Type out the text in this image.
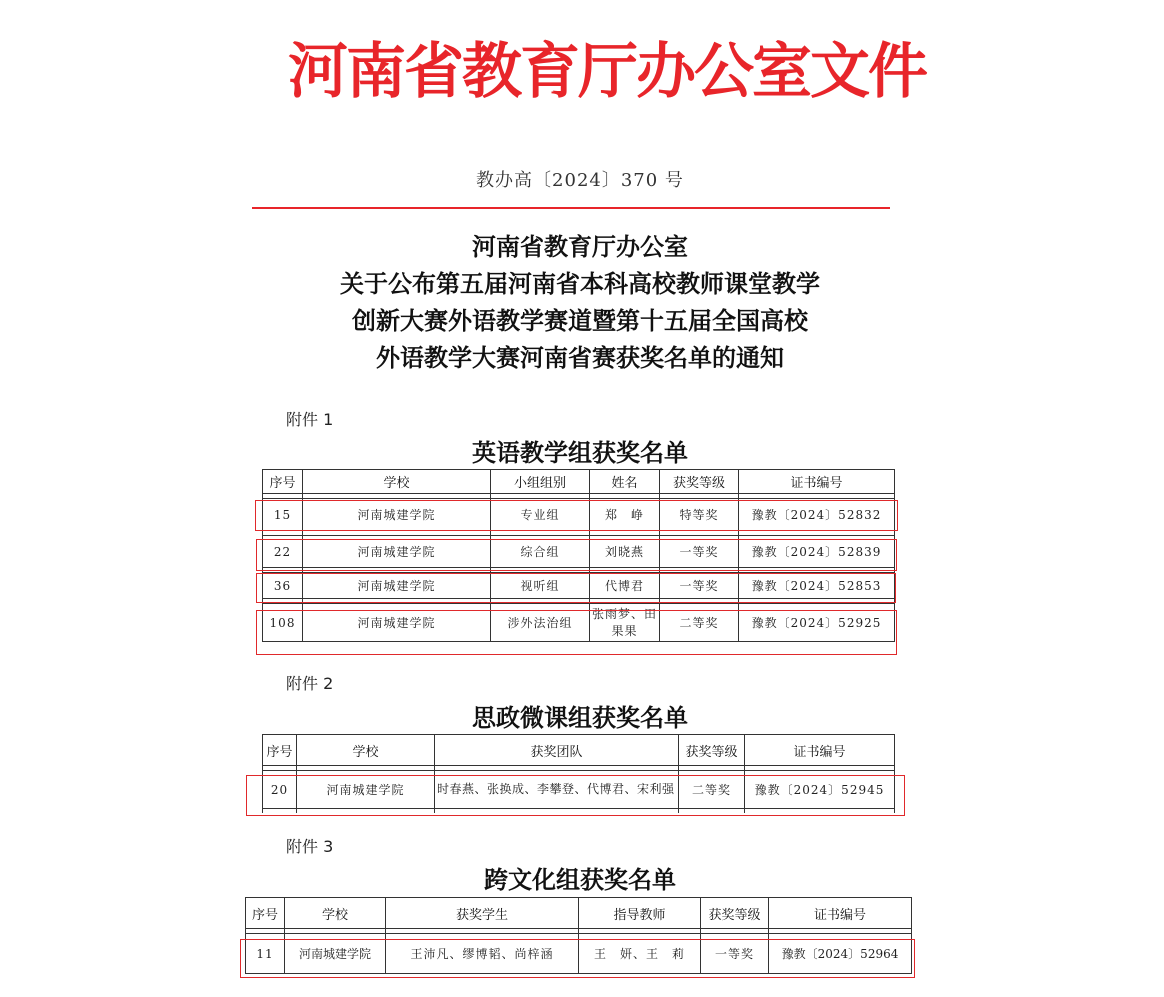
河南省教育厅办公室文件
教办高〔2024〕370 号
河南省教育厅办公室
关于公布第五届河南省本科高校教师课堂教学
创新大赛外语教学赛道暨第十五届全国高校
外语教学大赛河南省赛获奖名单的通知
附件 1
英语教学组获奖名单
序号	学校	小组组别	姓名	获奖等级	证书编号

15	河南城建学院	专业组	郑　峥	特等奖	豫教〔2024〕52832

22	河南城建学院	综合组	刘晓燕	一等奖	豫教〔2024〕52839

36	河南城建学院	视听组	代博君	一等奖	豫教〔2024〕52853

108	河南城建学院	涉外法治组	张雨梦、田果果	二等奖	豫教〔2024〕52925
附件 2
思政微课组获奖名单
序号	学校	获奖团队	获奖等级	证书编号

20	河南城建学院	时春燕、张换成、李攀登、代博君、宋利强	二等奖	豫教〔2024〕52945

附件 3
跨文化组获奖名单
序号	学校	获奖学生	指导教师	获奖等级	证书编号

11	河南城建学院	王沛凡、缪博韬、尚梓涵	王　妍、王　莉	一等奖	豫教〔2024〕52964
